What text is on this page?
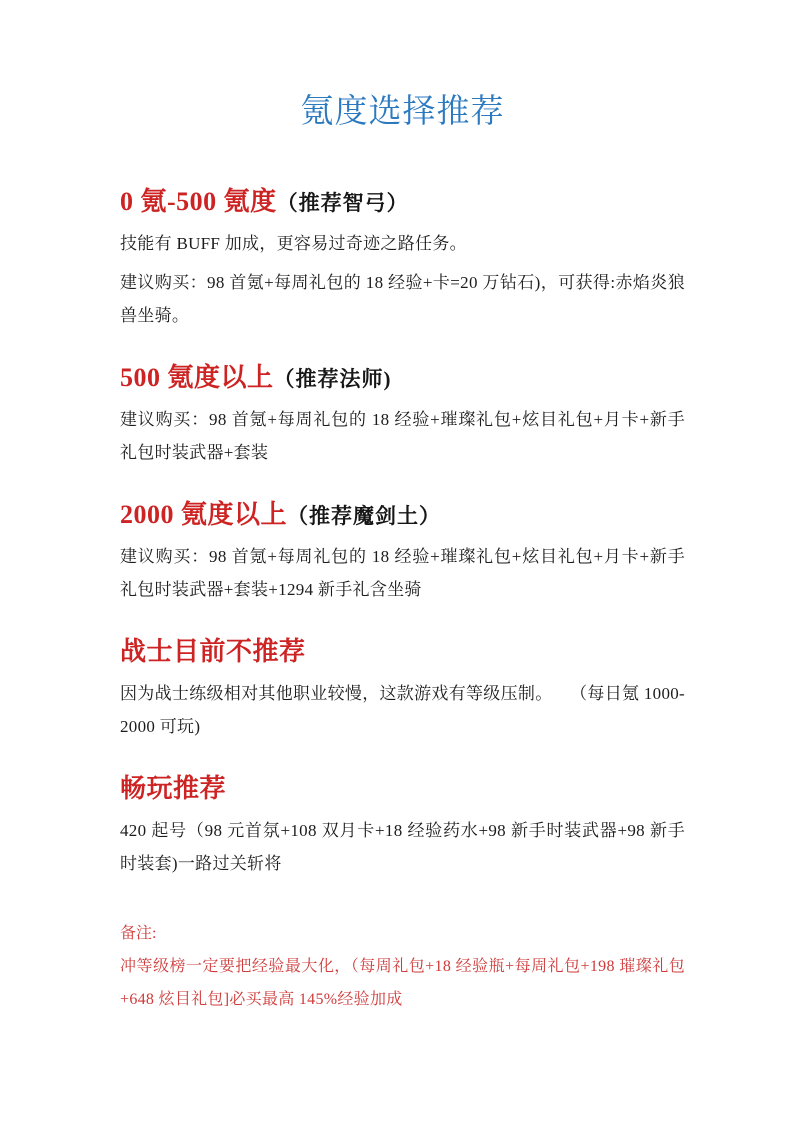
氪度选择推荐
0 氪-500 氪度（推荐智弓）

技能有 BUFF 加成，更容易过奇迹之路任务。

建议购买：98 首氪+每周礼包的 18 经验+卡=20 万钻石)，可获得:赤焰炎狼兽坐骑。

500 氪度以上（推荐法师)

建议购买：98 首氪+每周礼包的 18 经验+璀璨礼包+炫目礼包+月卡+新手礼包时装武器+套装

2000 氪度以上（推荐魔剑土）

建议购买：98 首氪+每周礼包的 18 经验+璀璨礼包+炫目礼包+月卡+新手礼包时装武器+套装+1294 新手礼含坐骑

战士目前不推荐

因为战士练级相对其他职业较慢，这款游戏有等级压制。　　（每日氪 1000-2000 可玩)

畅玩推荐

420 起号（98 元首氛+108 双月卡+18 经验药水+98 新手时装武器+98 新手时装套)一路过关斩将

备注:

冲等级榜一定要把经验最大化，（每周礼包+18 经验瓶+每周礼包+198 璀璨礼包+648 炫目礼包]必买最高 145%经验加成
